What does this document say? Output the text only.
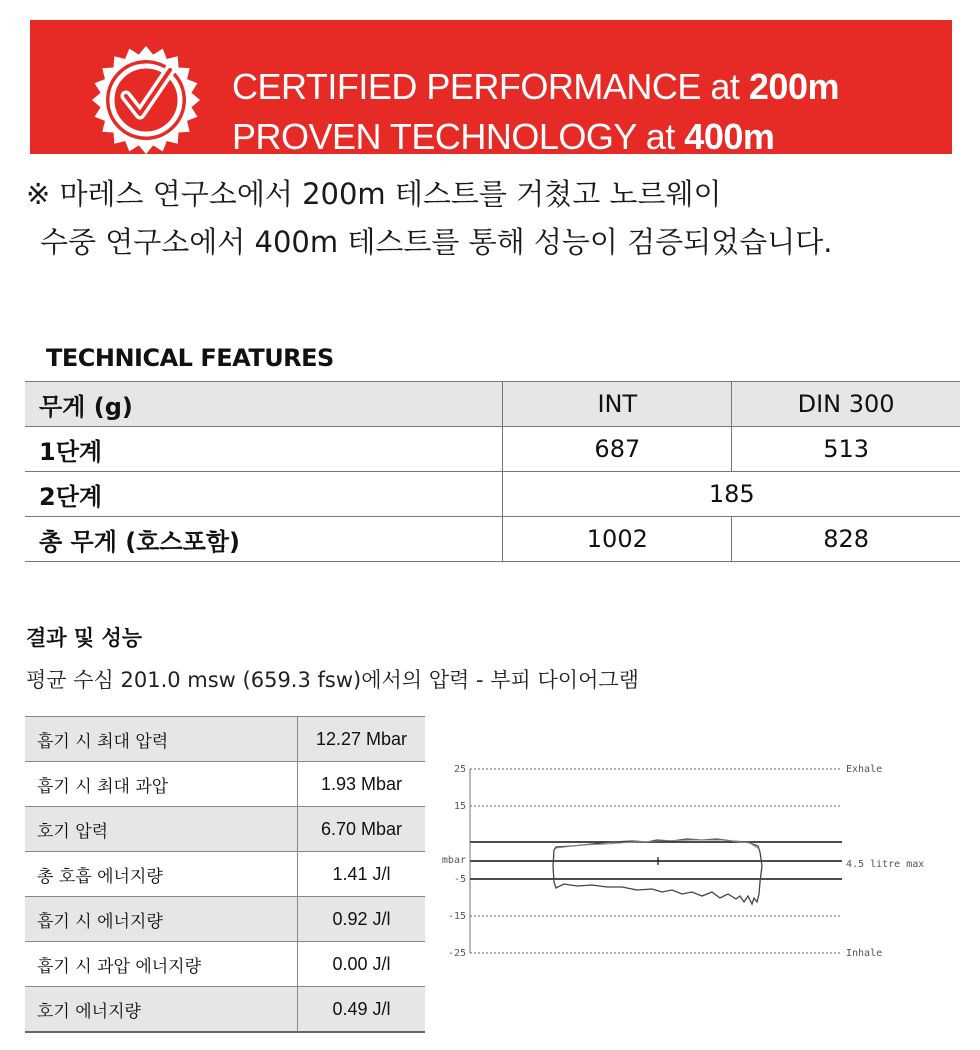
CERTIFIED PERFORMANCE at 200m
PROVEN TECHNOLOGY at 400m
※ 마레스 연구소에서 200m 테스트를 거쳤고 노르웨이
수중 연구소에서 400m 테스트를 통해 성능이 검증되었습니다.
TECHNICAL FEATURES
무게 (g)	INT	DIN 300
1단계	687	513
2단계	185	
총 무게 (호스포함)	1002	828
결과 및 성능
평균 수심 201.0 msw (659.3 fsw)에서의 압력 - 부피 다이어그램
흡기 시 최대 압력	12.27 Mbar
흡기 시 최대 과압	1.93 Mbar
호기 압력	6.70 Mbar
총 호흡 에너지량	1.41 J/l
흡기 시 에너지량	0.92 J/l
흡기 시 과압 에너지량	0.00 J/l
호기 에너지량	0.49 J/l
25
15
mbar
-5
-15
-25
Exhale
4.5 litre max
Inhale
